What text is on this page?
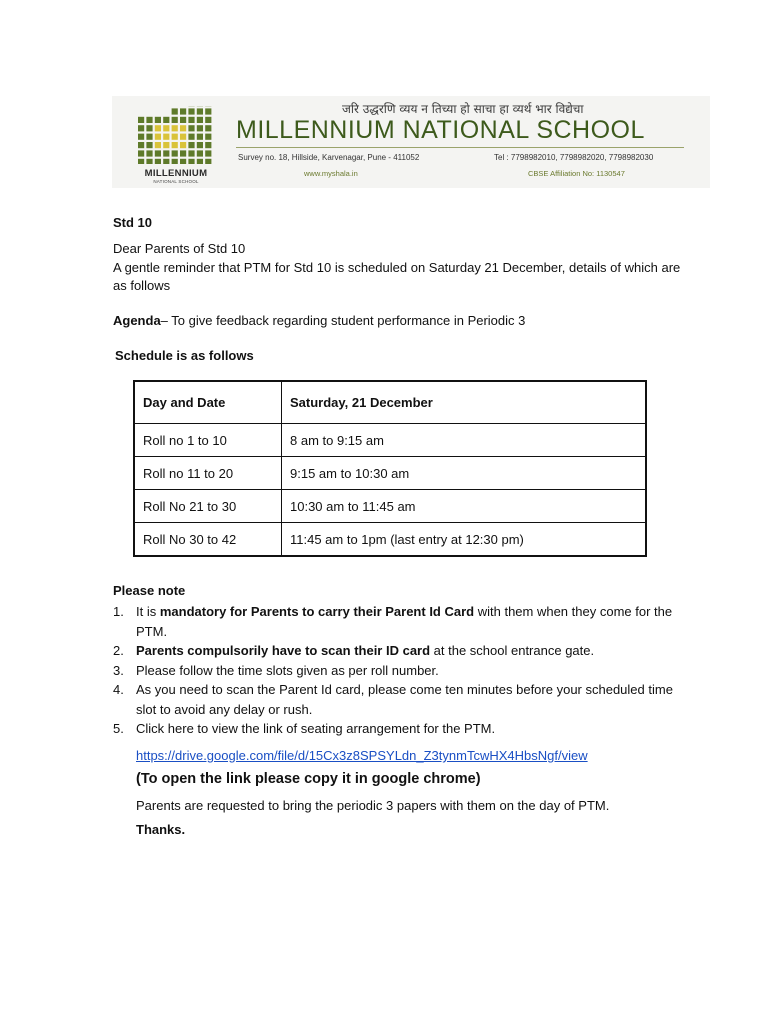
MILLENNIUM
NATIONAL SCHOOL
जरि उद्धरणि व्यय न तिच्या हो साचा हा व्यर्थ भार विद्येचा
MILLENNIUM NATIONAL SCHOOL
Survey no. 18, Hillside, Karvenagar, Pune - 411052	Tel : 7798982010, 7798982020, 7798982030
www.myshala.in	CBSE Affiliation No: 1130547
Std 10
Dear Parents of Std 10
A gentle reminder that PTM for Std 10 is scheduled on Saturday 21 December, details of which are as follows
Agenda– To give feedback regarding student performance in Periodic 3
Schedule is as follows
Day and Date	Saturday, 21 December
Roll no 1 to 10	8 am to 9:15 am
Roll no 11 to 20	9:15 am to 10:30 am
Roll No 21 to 30	10:30 am to 11:45 am
Roll No 30 to 42	11:45 am to 1pm (last entry at 12:30 pm)
Please note
1. It is mandatory for Parents to carry their Parent Id Card with them when they come for the PTM.
2. Parents compulsorily have to scan their ID card at the school entrance gate.
3. Please follow the time slots given as per roll number.
4. As you need to scan the Parent Id card, please come ten minutes before your scheduled time slot to avoid any delay or rush.
5. Click here to view the link of seating arrangement for the PTM.
https://drive.google.com/file/d/15Cx3z8SPSYLdn_Z3tynmTcwHX4HbsNgf/view
(To open the link please copy it in google chrome)
Parents are requested to bring the periodic 3 papers with them on the day of PTM.
Thanks.
